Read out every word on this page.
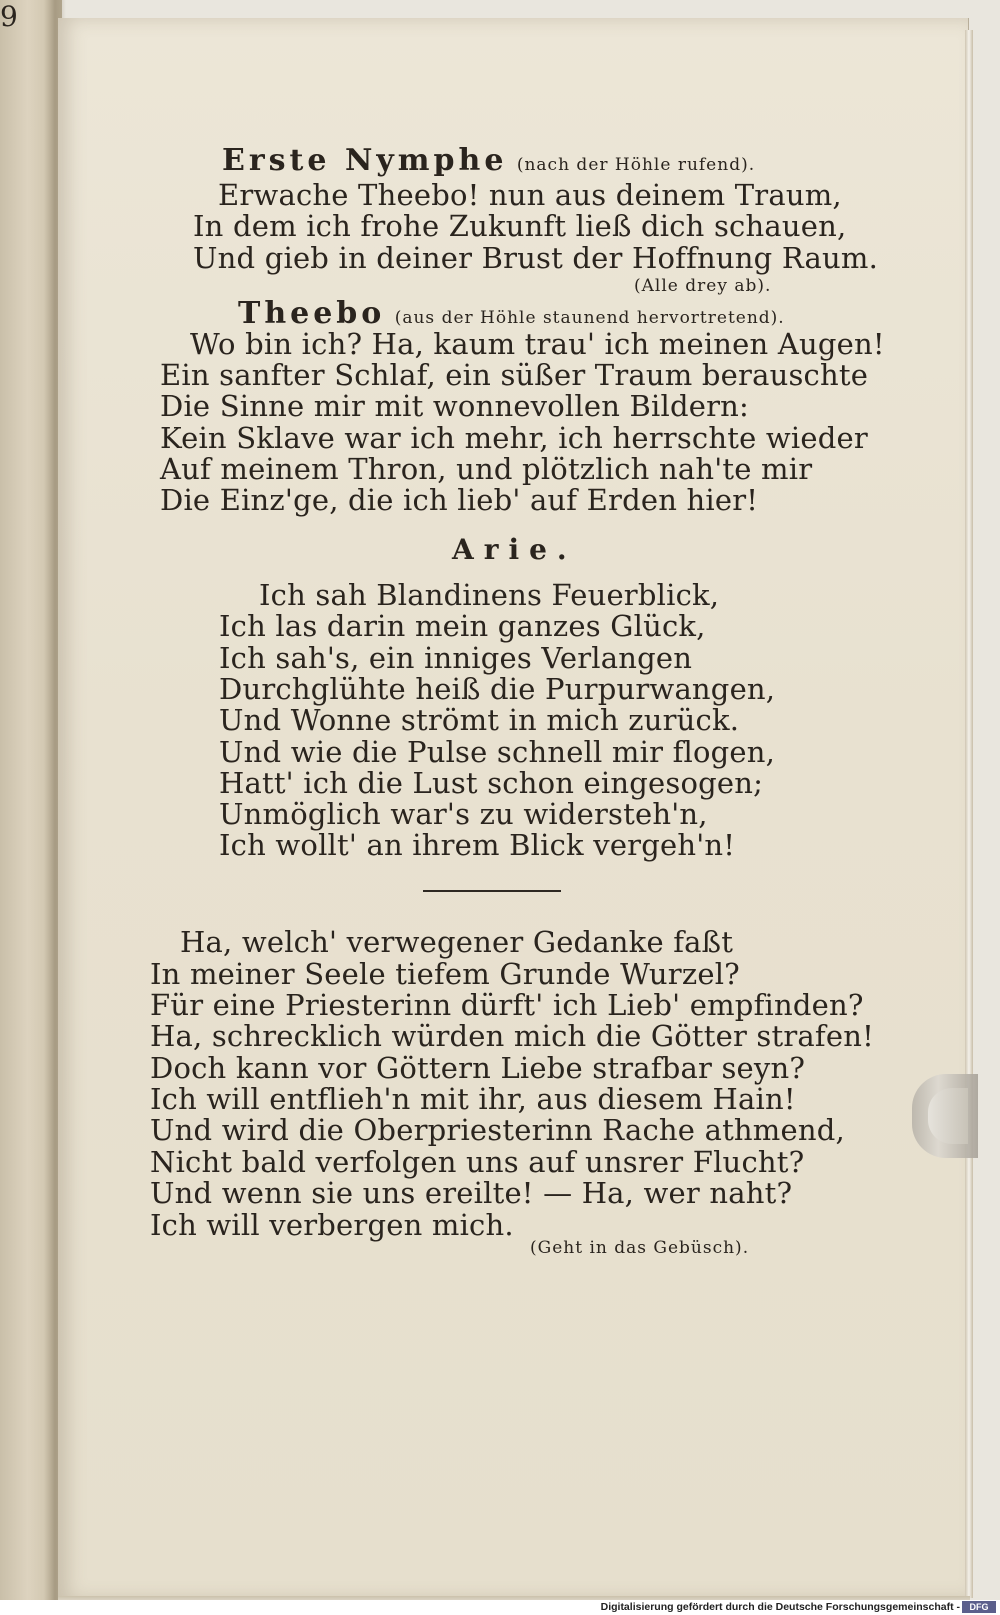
9
Erste Nymphe (nach der Höhle rufend).
Erwache Theebo! nun aus deinem Traum,
In dem ich frohe Zukunft ließ dich schauen,
Und gieb in deiner Brust der Hoffnung Raum.
(Alle drey ab).
Theebo (aus der Höhle staunend hervortretend).
Wo bin ich? Ha, kaum trau' ich meinen Augen!
Ein sanfter Schlaf, ein süßer Traum berauschte
Die Sinne mir mit wonnevollen Bildern:
Kein Sklave war ich mehr, ich herrschte wieder
Auf meinem Thron, und plötzlich nah'te mir
Die Einz'ge, die ich lieb' auf Erden hier!
Arie.
Ich sah Blandinens Feuerblick,
Ich las darin mein ganzes Glück,
Ich sah's, ein inniges Verlangen
Durchglühte heiß die Purpurwangen,
Und Wonne strömt in mich zurück.
Und wie die Pulse schnell mir flogen,
Hatt' ich die Lust schon eingesogen;
Unmöglich war's zu widersteh'n,
Ich wollt' an ihrem Blick vergeh'n!
Ha, welch' verwegener Gedanke faßt
In meiner Seele tiefem Grunde Wurzel?
Für eine Priesterinn dürft' ich Lieb' empfinden?
Ha, schrecklich würden mich die Götter strafen!
Doch kann vor Göttern Liebe strafbar seyn?
Ich will entflieh'n mit ihr, aus diesem Hain!
Und wird die Oberpriesterinn Rache athmend,
Nicht bald verfolgen uns auf unsrer Flucht?
Und wenn sie uns ereilte! — Ha, wer naht?
Ich will verbergen mich.
(Geht in das Gebüsch).
Digitalisierung gefördert durch die Deutsche Forschungsgemeinschaft -	DFG
